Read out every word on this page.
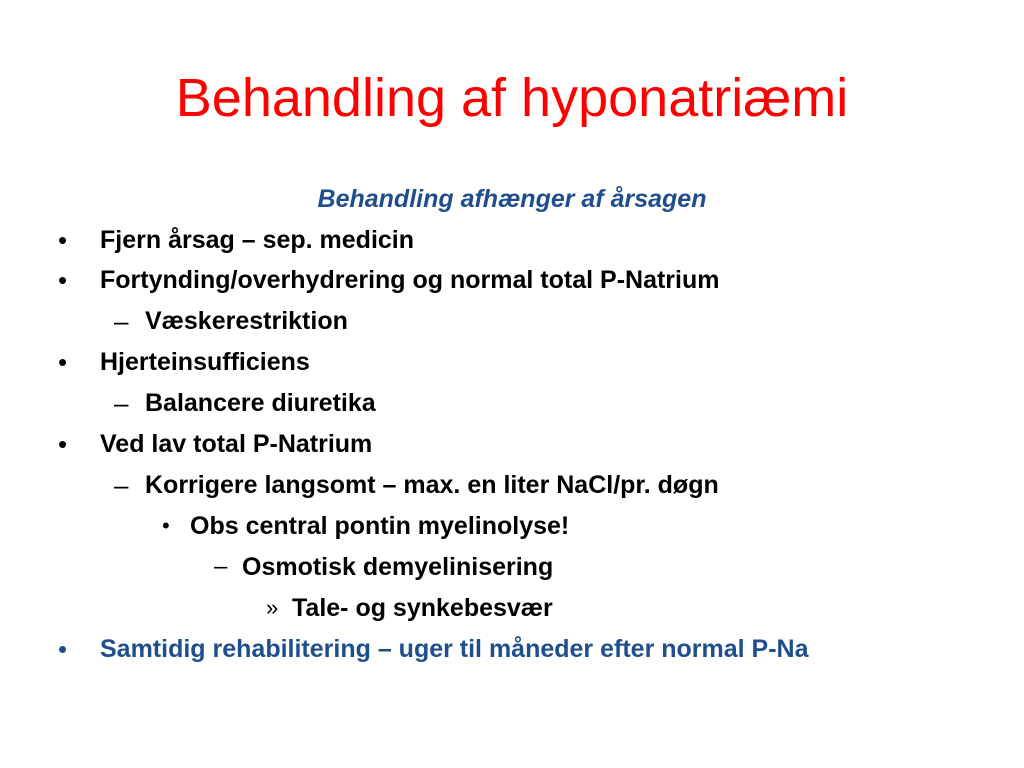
Behandling af hyponatriæmi
Behandling afhænger af årsagen
• Fjern årsag – sep. medicin
• Fortynding/overhydrering og normal total P-Natrium
– Væskerestriktion
• Hjerteinsufficiens
– Balancere diuretika
• Ved lav total P-Natrium
– Korrigere langsomt – max. en liter NaCl/pr. døgn
• Obs central pontin myelinolyse!
– Osmotisk demyelinisering
» Tale- og synkebesvær
• Samtidig rehabilitering – uger til måneder efter normal P-Na
